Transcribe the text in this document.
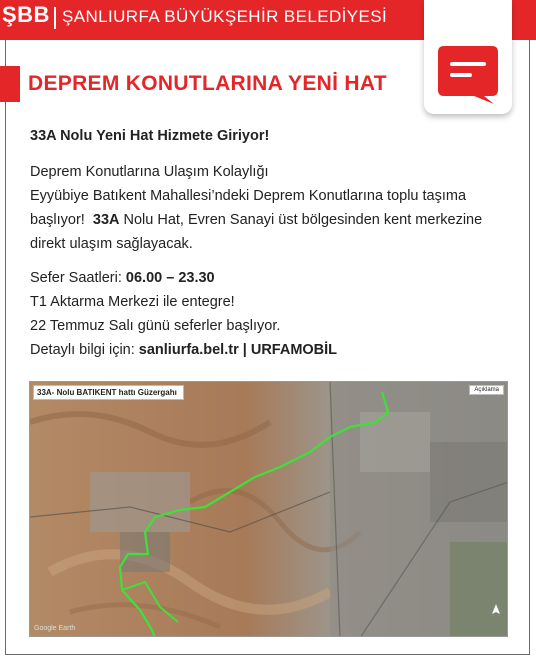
ŞBB ŞANLIURFA BÜYÜKŞEHİR BELEDİYESİ
DEPREM KONUTLARINA YENİ HAT
33A Nolu Yeni Hat Hizmete Giriyor!

Deprem Konutlarına Ulaşım Kolaylığı

Eyyübiye Batıkent Mahallesi’ndeki Deprem Konutlarına toplu taşıma

başlıyor! 33A Nolu Hat, Evren Sanayi üst bölgesinden kent merkezine

direkt ulaşım sağlayacak.

Sefer Saatleri: 06.00 – 23.30

T1 Aktarma Merkezi ile entegre!

22 Temmuz Salı günü seferler başlıyor.

Detaylı bilgi için: sanliurfa.bel.tr | URFAMOBİL

33A- Nolu BATIKENT hattı Güzergahı	Açıklama
Google Earth
